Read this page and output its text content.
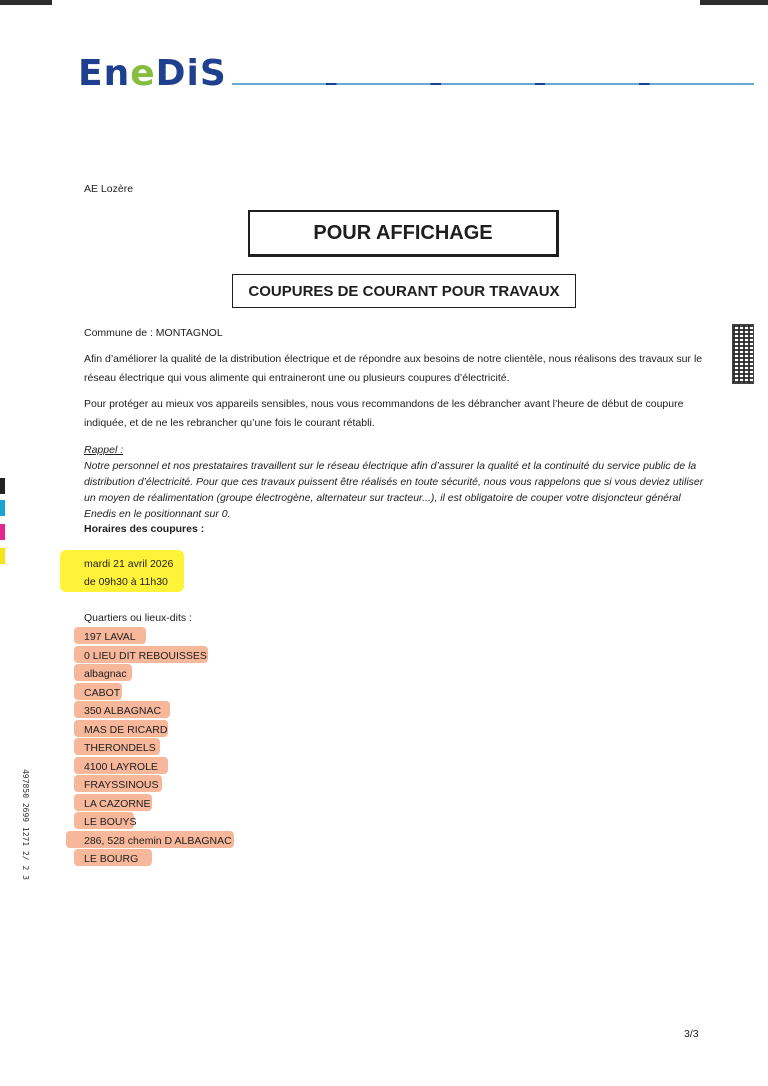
EneDiS
AE Lozère
POUR AFFICHAGE
COUPURES DE COURANT POUR TRAVAUX
Commune de : MONTAGNOL
Afin d’améliorer la qualité de la distribution électrique et de répondre aux besoins de notre clientèle, nous réalisons des travaux sur le réseau électrique qui vous alimente qui entraineront une ou plusieurs coupures d’électricité.
Pour protéger au mieux vos appareils sensibles, nous vous recommandons de les débrancher avant l’heure de début de coupure indiquée, et de ne les rebrancher qu’une fois le courant rétabli.
Rappel :
Notre personnel et nos prestataires travaillent sur le réseau électrique afin d’assurer la qualité et la continuité du service public de la distribution d’électricité. Pour que ces travaux puissent être réalisés en toute sécurité, nous vous rappelons que si vous deviez utiliser un moyen de réalimentation (groupe électrogène, alternateur sur tracteur...), il est obligatoire de couper votre disjoncteur général Enedis en le positionnant sur 0.
Horaires des coupures :
mardi 21 avril 2026
de 09h30 à 11h30
Quartiers ou lieux-dits :
197 LAVAL
0 LIEU DIT REBOUISSES
albagnac
CABOT
350 ALBAGNAC
MAS DE RICARD
THERONDELS
4100 LAYROLE
FRAYSSINOUS
LA CAZORNE
LE BOUYS
286, 528 chemin D ALBAGNAC
LE BOURG
497850 2699 1271 2/ 2 3
3/3
